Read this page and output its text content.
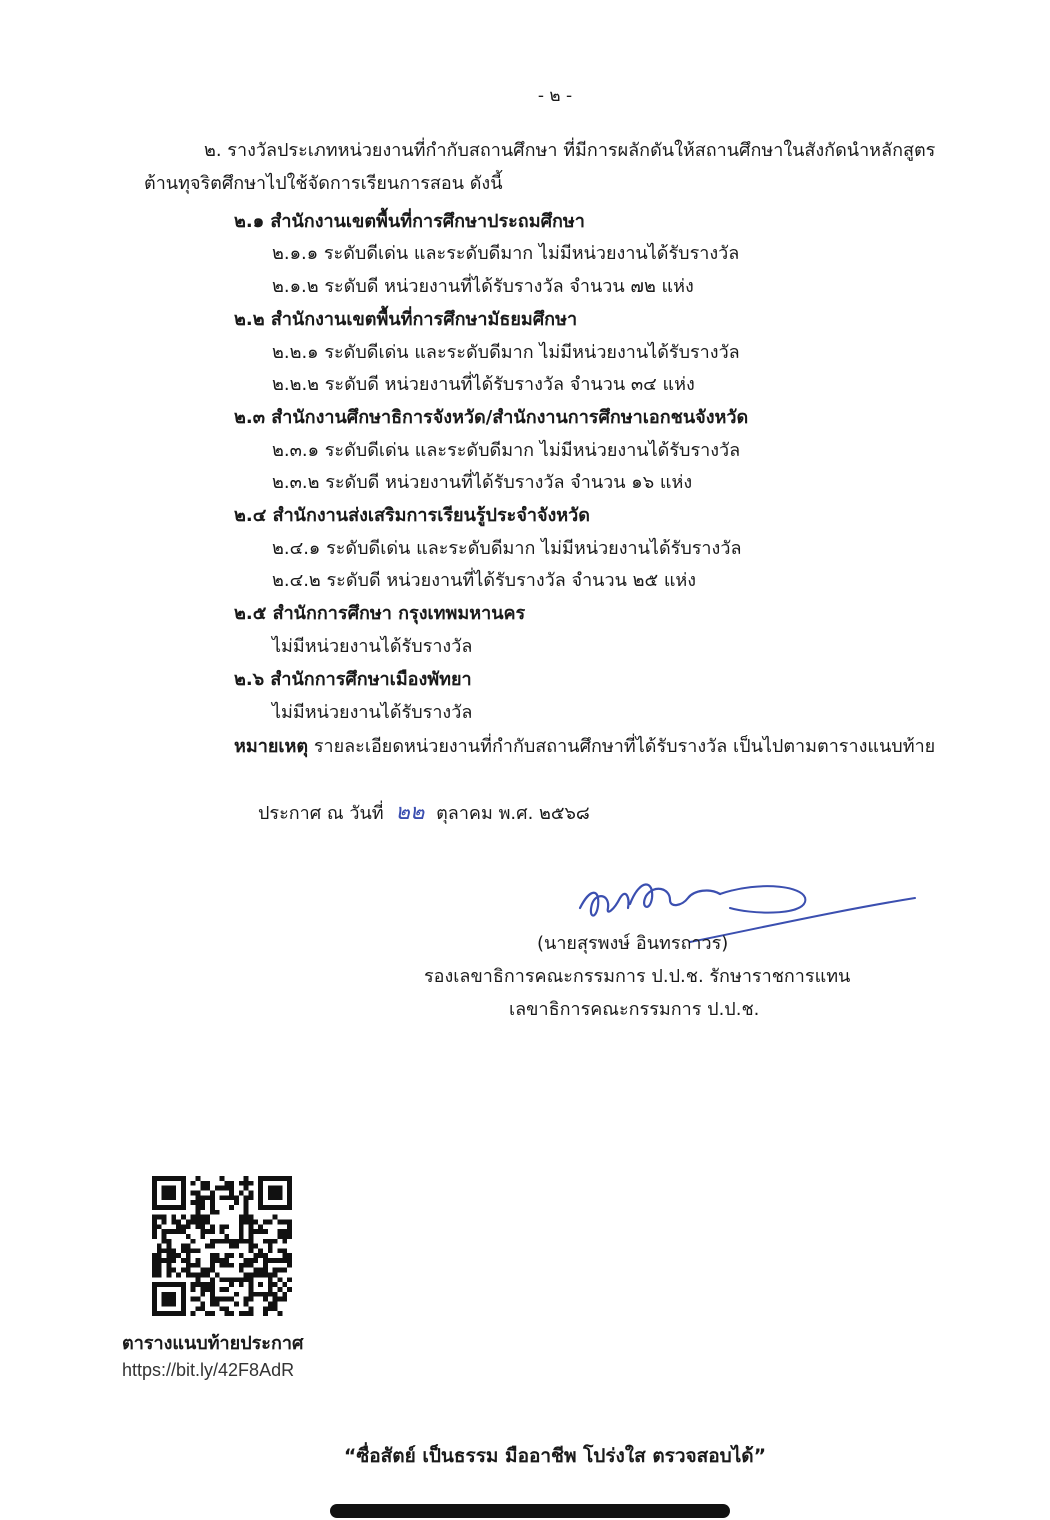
- ๒ -
๒. รางวัลประเภทหน่วยงานที่กำกับสถานศึกษา ที่มีการผลักดันให้สถานศึกษาในสังกัดนำหลักสูตร
ต้านทุจริตศึกษาไปใช้จัดการเรียนการสอน ดังนี้
๒.๑ สำนักงานเขตพื้นที่การศึกษาประถมศึกษา
๒.๑.๑ ระดับดีเด่น และระดับดีมาก ไม่มีหน่วยงานได้รับรางวัล
๒.๑.๒ ระดับดี หน่วยงานที่ได้รับรางวัล จำนวน ๗๒ แห่ง
๒.๒ สำนักงานเขตพื้นที่การศึกษามัธยมศึกษา
๒.๒.๑ ระดับดีเด่น และระดับดีมาก ไม่มีหน่วยงานได้รับรางวัล
๒.๒.๒ ระดับดี หน่วยงานที่ได้รับรางวัล จำนวน ๓๔ แห่ง
๒.๓ สำนักงานศึกษาธิการจังหวัด/สำนักงานการศึกษาเอกชนจังหวัด
๒.๓.๑ ระดับดีเด่น และระดับดีมาก ไม่มีหน่วยงานได้รับรางวัล
๒.๓.๒ ระดับดี หน่วยงานที่ได้รับรางวัล จำนวน ๑๖ แห่ง
๒.๔ สำนักงานส่งเสริมการเรียนรู้ประจำจังหวัด
๒.๔.๑ ระดับดีเด่น และระดับดีมาก ไม่มีหน่วยงานได้รับรางวัล
๒.๔.๒ ระดับดี หน่วยงานที่ได้รับรางวัล จำนวน ๒๕ แห่ง
๒.๕ สำนักการศึกษา กรุงเทพมหานคร
ไม่มีหน่วยงานได้รับรางวัล
๒.๖ สำนักการศึกษาเมืองพัทยา
ไม่มีหน่วยงานได้รับรางวัล
หมายเหตุ รายละเอียดหน่วยงานที่กำกับสถานศึกษาที่ได้รับรางวัล เป็นไปตามตารางแนบท้าย
ประกาศ ณ วันที่ ๒๒ ตุลาคม พ.ศ. ๒๕๖๘
(นายสุรพงษ์ อินทรถาวร)
รองเลขาธิการคณะกรรมการ ป.ป.ช. รักษาราชการแทน
เลขาธิการคณะกรรมการ ป.ป.ช.
ตารางแนบท้ายประกาศ
https://bit.ly/42F8AdR
“ซื่อสัตย์ เป็นธรรม มืออาชีพ โปร่งใส ตรวจสอบได้”
